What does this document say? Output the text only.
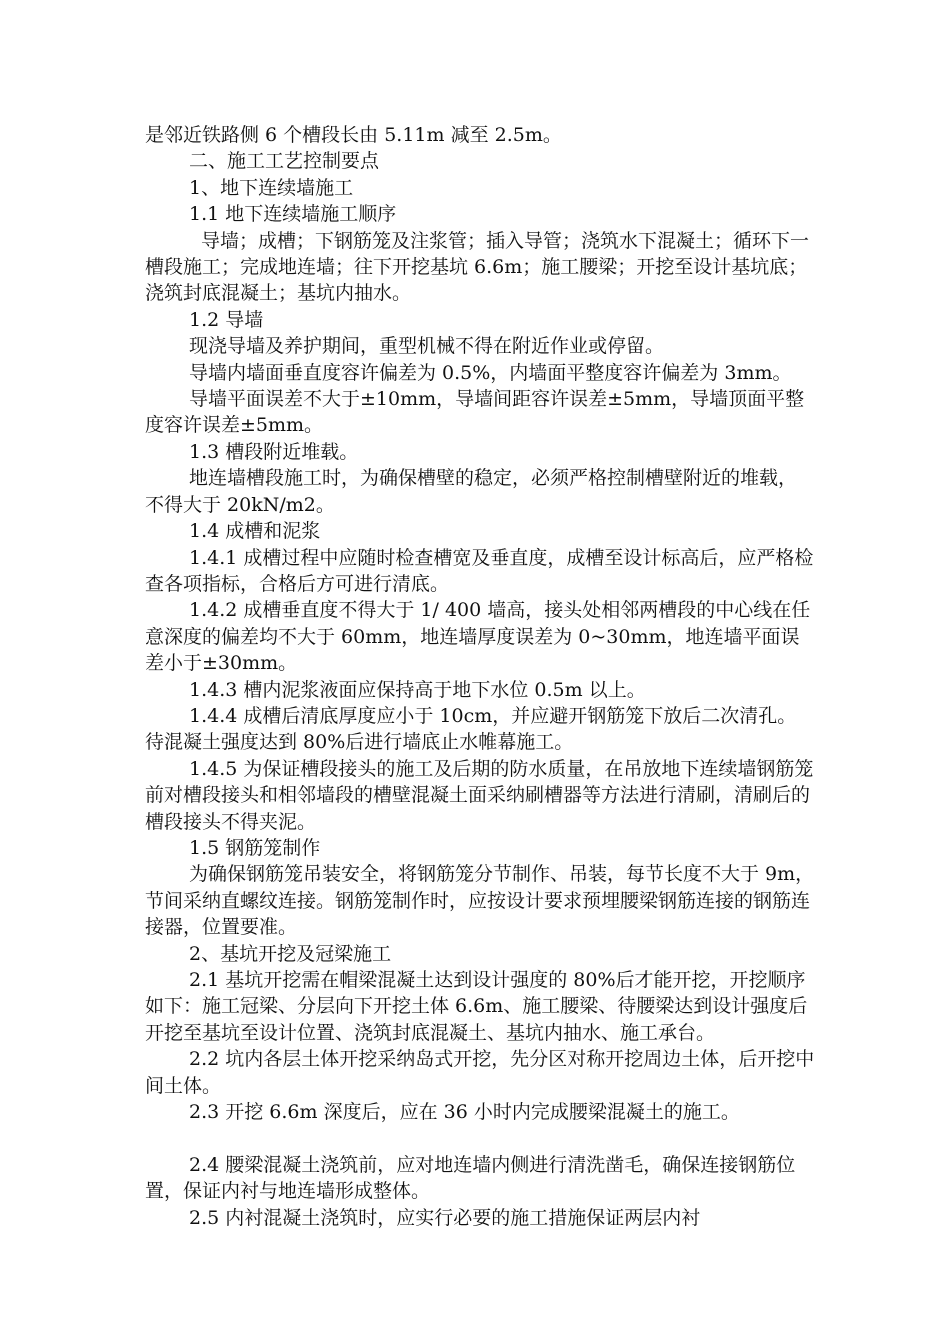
是邻近铁路侧 6 个槽段长由 5.11m 减至 2.5m。

二、施工工艺控制要点

1、地下连续墙施工

1.1 地下连续墙施工顺序

导墙；成槽；下钢筋笼及注浆管；插入导管；浇筑水下混凝土；循环下一槽段施工；完成地连墙；往下开挖基坑 6.6m；施工腰梁；开挖至设计基坑底；浇筑封底混凝土；基坑内抽水。

1.2 导墙

现浇导墙及养护期间，重型机械不得在附近作业或停留。

导墙内墙面垂直度容许偏差为 0.5%，内墙面平整度容许偏差为 3mm。

导墙平面误差不大于±10mm，导墙间距容许误差±5mm，导墙顶面平整度容许误差±5mm。

1.3 槽段附近堆载。

地连墙槽段施工时，为确保槽壁的稳定，必须严格控制槽壁附近的堆载，不得大于 20kN/m2。

1.4 成槽和泥浆

1.4.1 成槽过程中应随时检查槽宽及垂直度，成槽至设计标高后，应严格检查各项指标，合格后方可进行清底。

1.4.2 成槽垂直度不得大于 1/ 400 墙高，接头处相邻两槽段的中心线在任意深度的偏差均不大于 60mm，地连墙厚度误差为 0~30mm，地连墙平面误差小于±30mm。

1.4.3 槽内泥浆液面应保持高于地下水位 0.5m 以上。

1.4.4 成槽后清底厚度应小于 10cm，并应避开钢筋笼下放后二次清孔。待混凝土强度达到 80%后进行墙底止水帷幕施工。

1.4.5 为保证槽段接头的施工及后期的防水质量，在吊放地下连续墙钢筋笼前对槽段接头和相邻墙段的槽壁混凝土面采纳刷槽器等方法进行清刷，清刷后的槽段接头不得夹泥。

1.5 钢筋笼制作

为确保钢筋笼吊装安全，将钢筋笼分节制作、吊装，每节长度不大于 9m，节间采纳直螺纹连接。钢筋笼制作时，应按设计要求预埋腰梁钢筋连接的钢筋连接器，位置要准。

2、基坑开挖及冠梁施工

2.1 基坑开挖需在帽梁混凝土达到设计强度的 80%后才能开挖，开挖顺序如下：施工冠梁、分层向下开挖土体 6.6m、施工腰梁、待腰梁达到设计强度后开挖至基坑至设计位置、浇筑封底混凝土、基坑内抽水、施工承台。

2.2 坑内各层土体开挖采纳岛式开挖，先分区对称开挖周边土体，后开挖中间土体。

2.3 开挖 6.6m 深度后，应在 36 小时内完成腰梁混凝土的施工。

2.4 腰梁混凝土浇筑前，应对地连墙内侧进行清洗凿毛，确保连接钢筋位置，保证内衬与地连墙形成整体。

2.5 内衬混凝土浇筑时，应实行必要的施工措施保证两层内衬
